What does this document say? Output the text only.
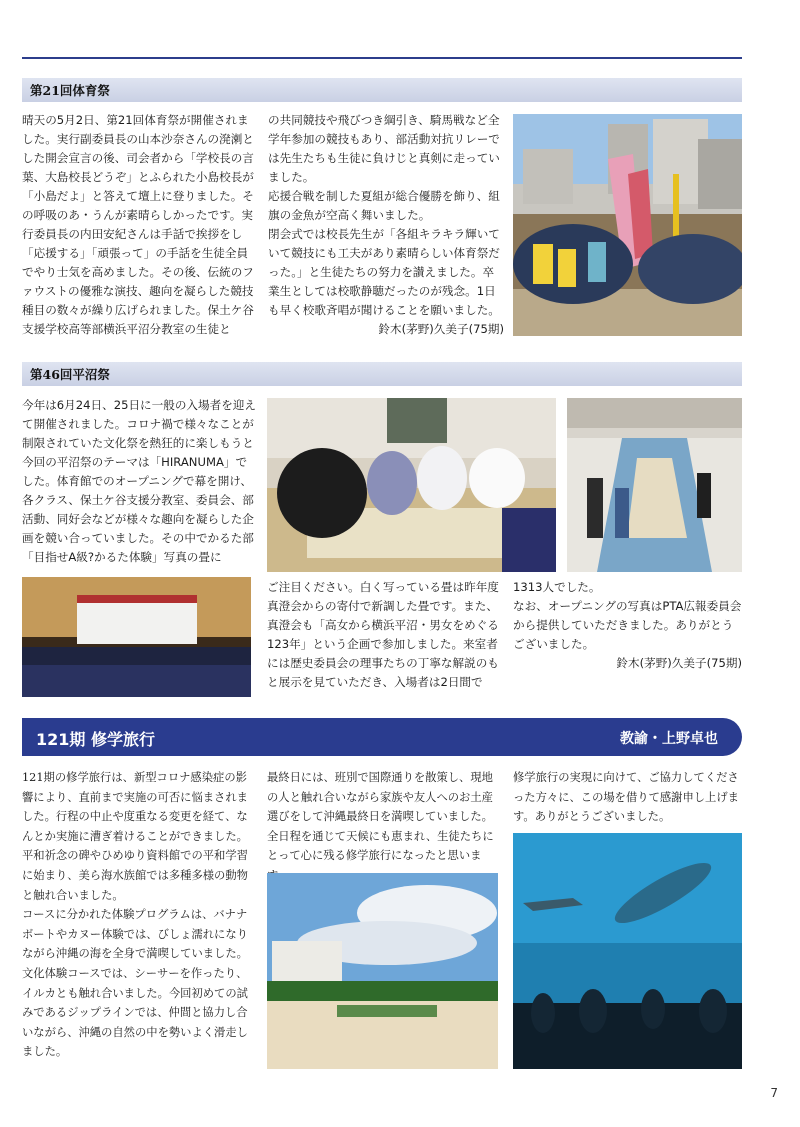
第21回体育祭

晴天の5月2日、第21回体育祭が開催されました。実行副委員長の山本沙奈さんの溌溂とした開会宣言の後、司会者から「学校長の言葉、大島校長どうぞ」とふられた小島校長が「小島だよ」と答えて壇上に登りました。その呼吸のあ・うんが素晴らしかったです。実行委員長の内田安紀さんは手話で挨拶をし「応援する」「頑張って」の手話を生徒全員でやり士気を高めました。その後、伝統のファウストの優雅な演技、趣向を凝らした競技種目の数々が繰り広げられました。保土ケ谷支援学校高等部横浜平沼分教室の生徒と

の共同競技や飛びつき綱引き、騎馬戦など全学年参加の競技もあり、部活動対抗リレーでは先生たちも生徒に負けじと真剣に走っていました。

応援合戦を制した夏組が総合優勝を飾り、組旗の金魚が空高く舞いました。

閉会式では校長先生が「各組キラキラ輝いていて競技にも工夫があり素晴らしい体育祭だった。」と生徒たちの努力を讃えました。卒業生としては校歌静聴だったのが残念。1日も早く校歌斉唱が聞けることを願いました。

鈴木(茅野)久美子(75期)

第46回平沼祭

今年は6月24日、25日に一般の入場者を迎えて開催されました。コロナ禍で様々なことが制限されていた文化祭を熱狂的に楽しもうと今回の平沼祭のテーマは「HIRANUMA」でした。体育館でのオープニングで幕を開け、各クラス、保土ケ谷支援分教室、委員会、部活動、同好会などが様々な趣向を凝らした企画を競い合っていました。その中でかるた部「目指せA級?かるた体験」写真の畳に

ご注目ください。白く写っている畳は昨年度真澄会からの寄付で新調した畳です。また、真澄会も「高女から横浜平沼・男女をめぐる123年」という企画で参加しました。来室者には歴史委員会の理事たちの丁寧な解説のもと展示を見ていただき、入場者は2日間で

1313人でした。

なお、オープニングの写真はPTA広報委員会から提供していただきました。ありがとうございました。

鈴木(茅野)久美子(75期)

121期 修学旅行	教諭・上野卓也

121期の修学旅行は、新型コロナ感染症の影響により、直前まで実施の可否に悩まされました。行程の中止や度重なる変更を経て、なんとか実施に漕ぎ着けることができました。

平和祈念の碑やひめゆり資料館での平和学習に始まり、美ら海水族館では多種多様の動物と触れ合いました。

コースに分かれた体験プログラムは、バナナボートやカヌー体験では、びしょ濡れになりながら沖縄の海を全身で満喫していました。

文化体験コースでは、シーサーを作ったり、イルカとも触れ合いました。今回初めての試みであるジップラインでは、仲間と協力し合いながら、沖縄の自然の中を勢いよく滑走しました。

最終日には、班別で国際通りを散策し、現地の人と触れ合いながら家族や友人へのお土産選びをして沖縄最終日を満喫していました。

全日程を通じて天候にも恵まれ、生徒たちにとって心に残る修学旅行になったと思いま

修学旅行の実現に向けて、ご協力してくださった方々に、この場を借りて感謝申し上げます。ありがとうございました。

7
